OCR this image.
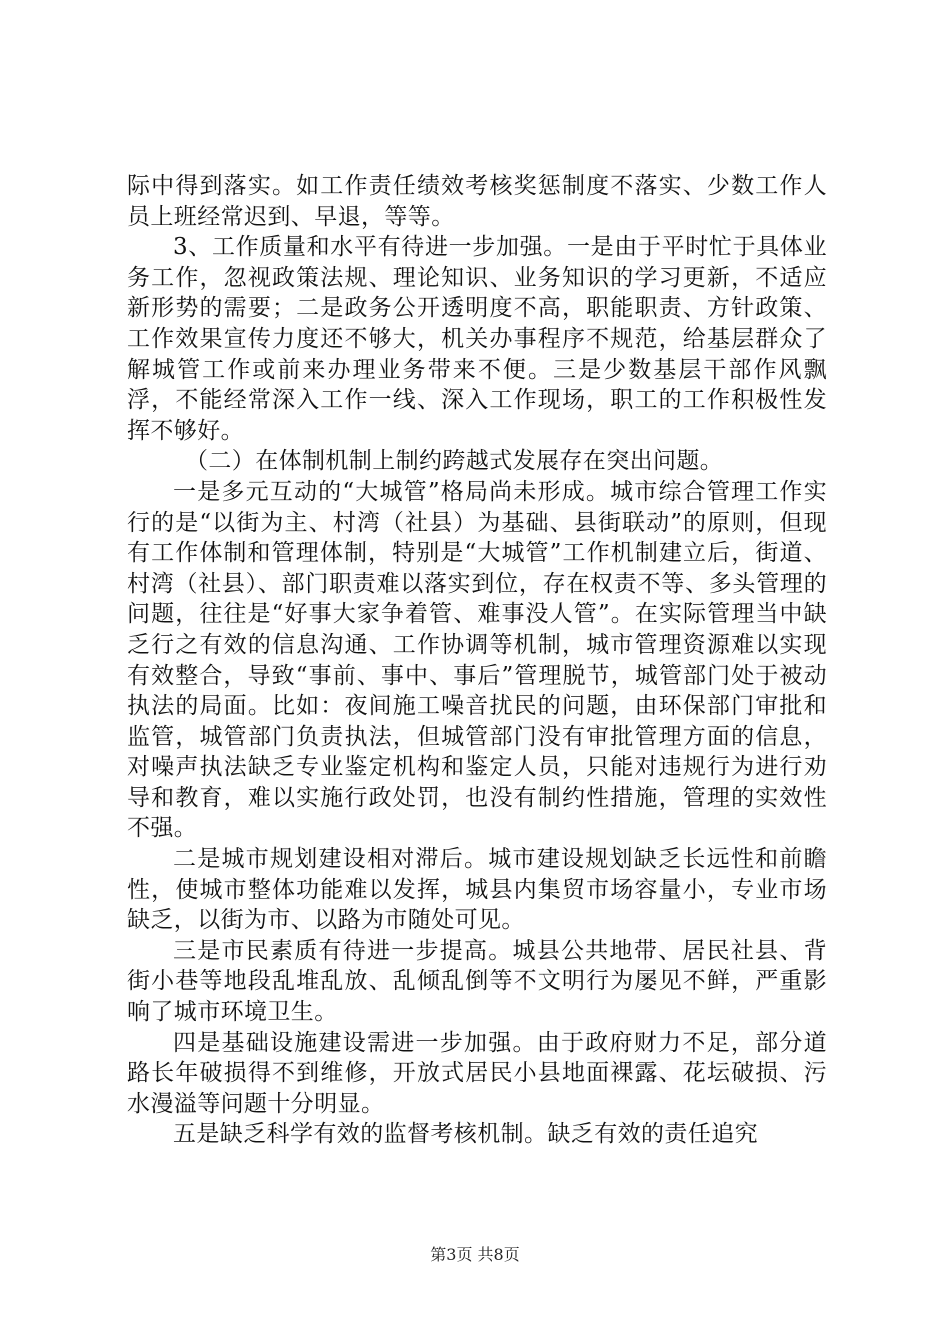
际中得到落实。如工作责任绩效考核奖惩制度不落实、少数工作人员上班经常迟到、早退，等等。

3、工作质量和水平有待进一步加强。一是由于平时忙于具体业务工作，忽视政策法规、理论知识、业务知识的学习更新，不适应新形势的需要；二是政务公开透明度不高，职能职责、方针政策、工作效果宣传力度还不够大，机关办事程序不规范，给基层群众了解城管工作或前来办理业务带来不便。三是少数基层干部作风飘浮，不能经常深入工作一线、深入工作现场，职工的工作积极性发挥不够好。

（二）在体制机制上制约跨越式发展存在突出问题。

一是多元互动的“大城管”格局尚未形成。城市综合管理工作实行的是“以街为主、村湾（社县）为基础、县街联动”的原则，但现有工作体制和管理体制，特别是“大城管”工作机制建立后，街道、村湾（社县）、部门职责难以落实到位，存在权责不等、多头管理的问题，往往是“好事大家争着管、难事没人管”。在实际管理当中缺乏行之有效的信息沟通、工作协调等机制，城市管理资源难以实现有效整合，导致“事前、事中、事后”管理脱节，城管部门处于被动执法的局面。比如：夜间施工噪音扰民的问题，由环保部门审批和监管，城管部门负责执法，但城管部门没有审批管理方面的信息，对噪声执法缺乏专业鉴定机构和鉴定人员，只能对违规行为进行劝导和教育，难以实施行政处罚，也没有制约性措施，管理的实效性不强。

二是城市规划建设相对滞后。城市建设规划缺乏长远性和前瞻性，使城市整体功能难以发挥，城县内集贸市场容量小，专业市场缺乏，以街为市、以路为市随处可见。

三是市民素质有待进一步提高。城县公共地带、居民社县、背街小巷等地段乱堆乱放、乱倾乱倒等不文明行为屡见不鲜，严重影响了城市环境卫生。

四是基础设施建设需进一步加强。由于政府财力不足，部分道路长年破损得不到维修，开放式居民小县地面裸露、花坛破损、污水漫溢等问题十分明显。

五是缺乏科学有效的监督考核机制。缺乏有效的责任追究

第3页 共8页
